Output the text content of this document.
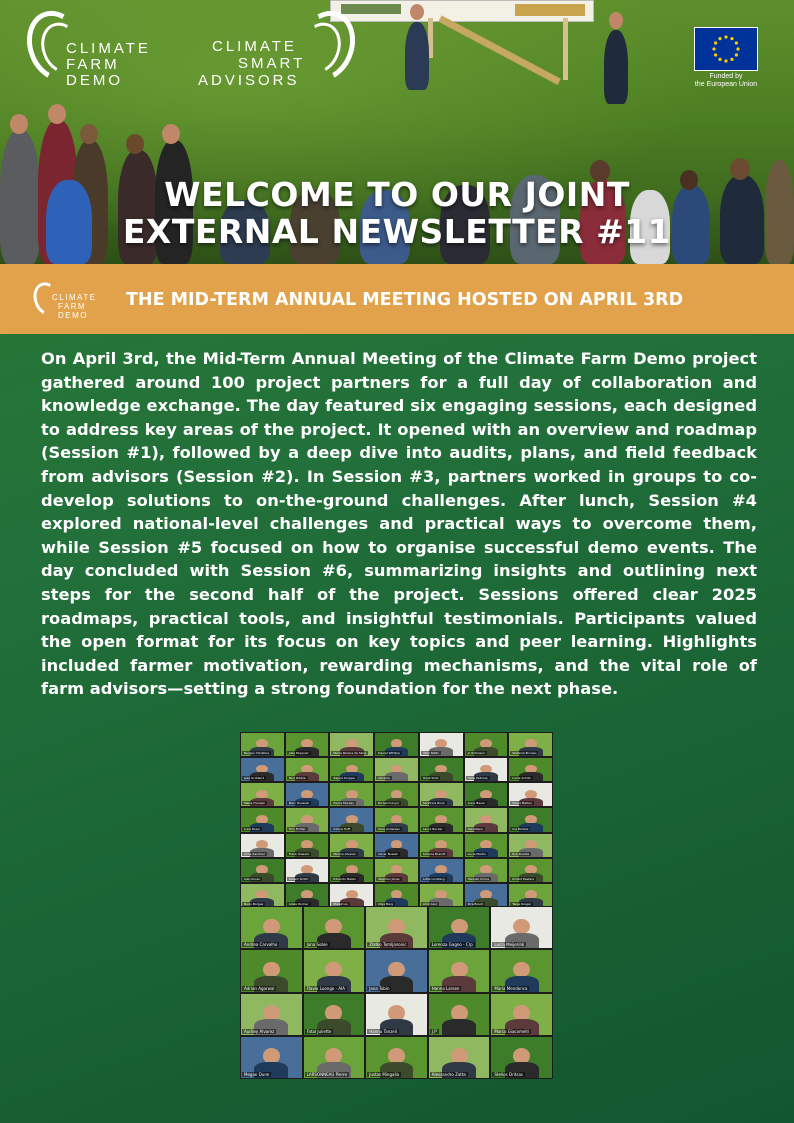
CLIMATE
FARM
DEMO
CLIMATE
SMART
ADVISORS	Funded by
the European Union
WELCOME TO OUR JOINT
EXTERNAL NEWSLETTER #11
CLIMATE
FARM
DEMO
THE MID-TERM ANNUAL MEETING HOSTED ON APRIL 3RD
On April 3rd, the Mid-Term Annual Meeting of the Climate Farm Demo project gathered around 100 project partners for a full day of collaboration and knowledge exchange. The day featured six engaging sessions, each designed to address key areas of the project. It opened with an overview and roadmap (Session #1), followed by a deep dive into audits, plans, and field feedback from advisors (Session #2). In Session #3, partners worked in groups to co-develop solutions to on-the-ground challenges. After lunch, Session #4 explored national-level challenges and practical ways to overcome them, while Session #5 focused on how to organise successful demo events. The day concluded with Session #6, summarizing insights and outlining next steps for the second half of the project. Sessions offered clear 2025 roadmaps, practical tools, and insightful testimonials. Participants valued the open format for its focus on key topics and peer learning. Highlights included farmer motivation, rewarding mechanisms, and the vital role of farm advisors—setting a strong foundation for the next phase.
Bergen Christine	Julie Pasquier	Maria Pereira da Silva	Daniel Wittkop	Vitor Mafio	Jo Robinson	Stefania Bruneo
Jake Scotland	Paul Dibble	Zajara Kruppa	Abrams	Henk Smit	Hilda Petrova	Ivana Schlib
Maria Franzen	Marc Rousset	Pierre Moreau	Richard Lloyd	Sandrine Roux	Anna Bauer	Vinod Malhar
Luca Rossi	Tom Fichler	Karina Hoff	Sara Andersen	Laura Becker	Ola Nilsen	Ina Bartels
Alina Sandner	Frank Oswald	Marina Alvarez	Oscar Nowak	Simone Brandt	Lucie Martin	Eva Duarte
Ivan Kovac	Robert Smith	Edoardo Meller	Stephan Jonas	Lotte Lindberg	Hannah Crona	Kristof Peeters
Nuno Borges	Adele Rocher	Marek Lis	Olga Berg	Amir Lavi	Kira Bosch	Tanja Kruger
Andrea Carvalho	Jana Sobie	Zlatko Tomljanovic	Lorenza Gagno - Crp	Lucia Meijerink
Adrian Agarwal	Flavio Luongo - AIA	Jana Tobin	Hanna Larsen	Maria Mendonca
Audrey Alvarez	Fatal Juliette	Hanna Tanzeil	J.P	Marco Giacomelli
Megan Dunn	LARSONNEAU Pierre	Justas Mingaila	Alessandro Zatta	Stelios Dritsas
